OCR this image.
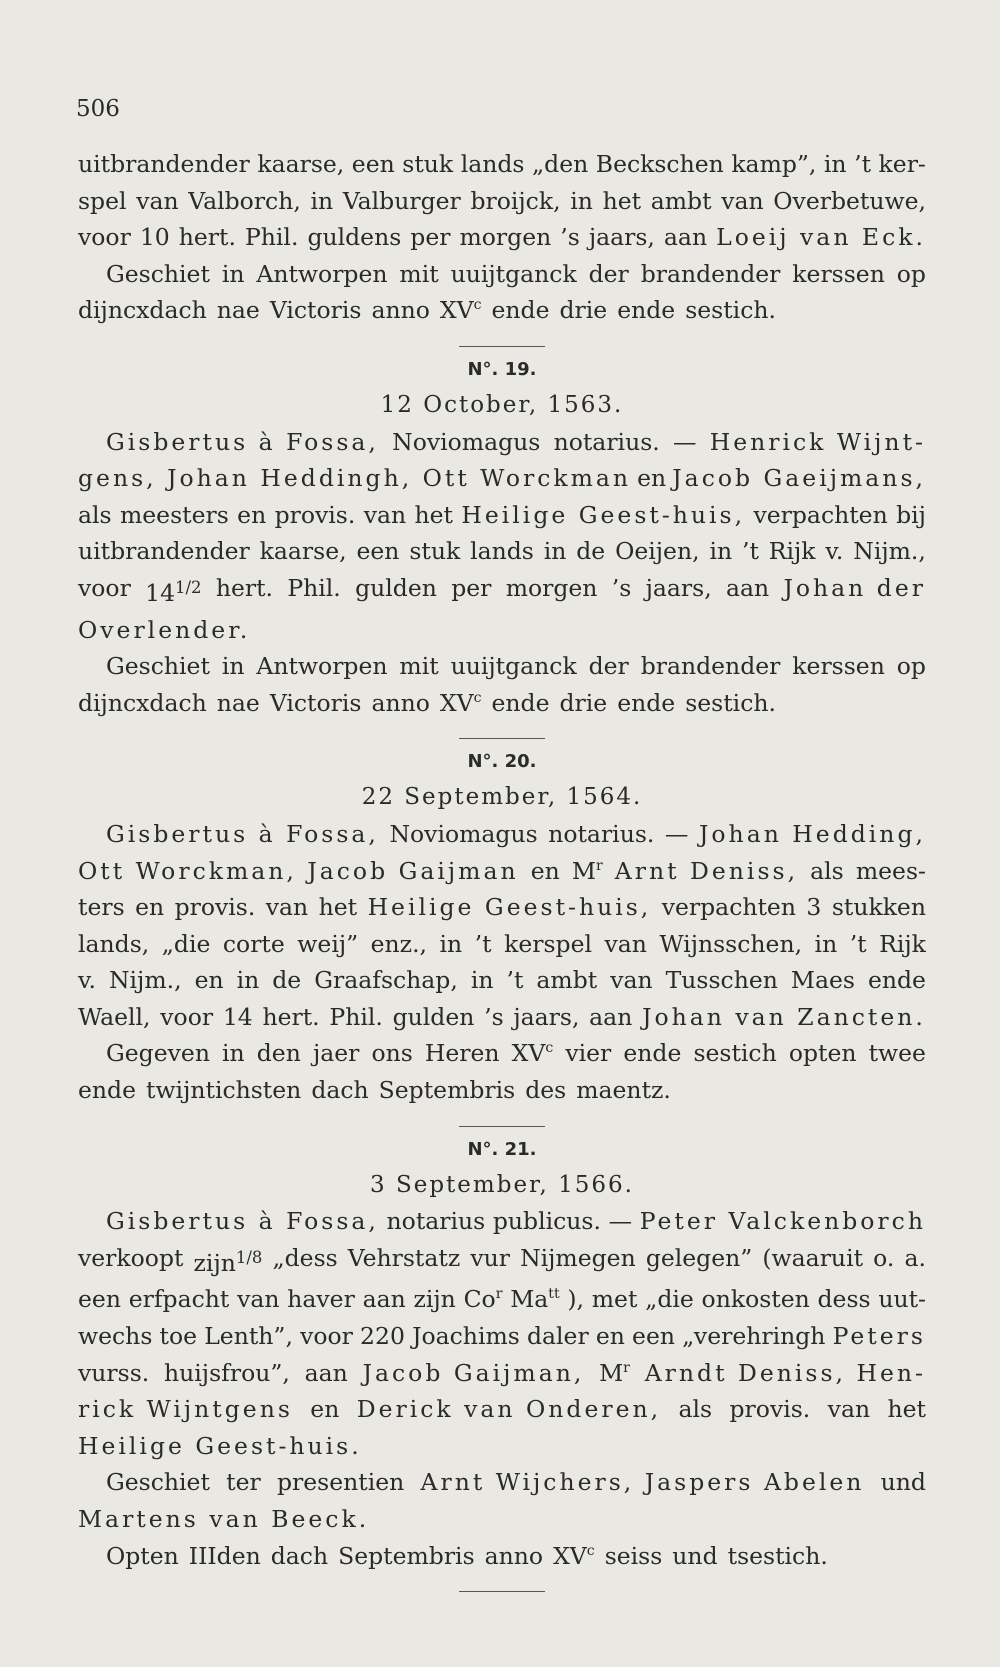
506
uitbrandender kaarse, een stuk lands „den Beckschen kamp”, in ’t ker-
spel van Valborch, in Valburger broijck, in het ambt van Overbetuwe,
voor 10 hert. Phil. guldens per morgen ’s jaars, aan Loeij van Eck.
Geschiet in Antworpen mit uuijtganck der brandender kerssen op
dijncxdach nae Victoris anno $XV^c$ ende drie ende sestich.
N°. 19.
12 October, 1563.
Gisbertus à Fossa, Noviomagus notarius. — Henrick Wijnt-
gens, Johan Heddingh, Ott Worckman en Jacob Gaeijmans,
als meesters en provis. van het Heilige Geest-huis, verpachten bij
uitbrandender kaarse, een stuk lands in de Oeijen, in ’t Rijk v. Nijm.,
voor $14^{1/2}$ hert. Phil. gulden per morgen ’s jaars, aan Johan der
Overlender.
Geschiet in Antworpen mit uuijtganck der brandender kerssen op
dijncxdach nae Victoris anno $XV^c$ ende drie ende sestich.
N°. 20.
22 September, 1564.
Gisbertus à Fossa, Noviomagus notarius. — Johan Hedding,
Ott Worckman, Jacob Gaijman en $M^r$ Arnt Deniss, als mees-
ters en provis. van het Heilige Geest-huis, verpachten 3 stukken
lands, „die corte weij” enz., in ’t kerspel van Wijnsschen, in ’t Rijk
v. Nijm., en in de Graafschap, in ’t ambt van Tusschen Maes ende
Waell, voor 14 hert. Phil. gulden ’s jaars, aan Johan van Zancten.
Gegeven in den jaer ons Heren $XV^c$ vier ende sestich opten twee
ende twijntichsten dach Septembris des maentz.
N°. 21.
3 September, 1566.
Gisbertus à Fossa, notarius publicus. — Peter Valckenborch
verkoopt zijn$^{1/8}$ „dess Vehrstatz vur Nijmegen gelegen” (waaruit o. a.
een erfpacht van haver aan zijn Co$^r$ $Ma^{tt}$ ), met „die onkosten dess uut-
wechs toe Lenth”, voor 220 Joachims daler en een „verehringh Peters
vurss. huijsfrou”, aan Jacob Gaijman, $M^r$ Arndt Deniss, Hen-
rick Wijntgens en Derick van Onderen, als provis. van het
Heilige Geest-huis.
Geschiet ter presentien Arnt Wijchers, Jaspers Abelen und
Martens van Beeck.
Opten IIIden dach Septembris anno $XV^c$ seiss und tsestich.
